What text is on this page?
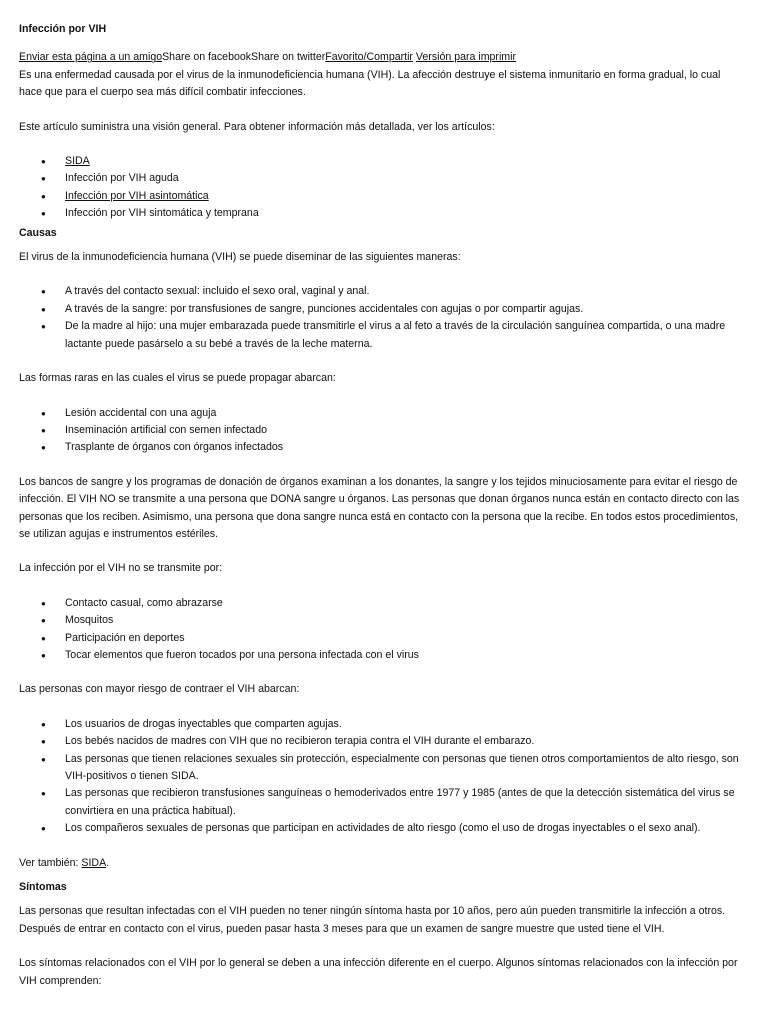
Infección por VIH
Enviar esta página a un amigoShare on facebookShare on twitterFavorito/Compartir Versión para imprimir

Es una enfermedad causada por el virus de la inmunodeficiencia humana (VIH). La afección destruye el sistema inmunitario en forma gradual, lo cual hace que para el cuerpo sea más difícil combatir infecciones.

Este artículo suministra una visión general. Para obtener información más detallada, ver los artículos:

● SIDA
● Infección por VIH aguda
● Infección por VIH asintomática
● Infección por VIH sintomática y temprana
Causas

El virus de la inmunodeficiencia humana (VIH) se puede diseminar de las siguientes maneras:

● A través del contacto sexual: incluido el sexo oral, vaginal y anal.
● A través de la sangre: por transfusiones de sangre, punciones accidentales con agujas o por compartir agujas.
● De la madre al hijo: una mujer embarazada puede transmitirle el virus a al feto a través de la circulación sanguínea compartida, o una madre lactante puede pasárselo a su bebé a través de la leche materna.

Las formas raras en las cuales el virus se puede propagar abarcan:

● Lesión accidental con una aguja
● Inseminación artificial con semen infectado
● Trasplante de órganos con órganos infectados

Los bancos de sangre y los programas de donación de órganos examinan a los donantes, la sangre y los tejidos minuciosamente para evitar el riesgo de infección. El VIH NO se transmite a una persona que DONA sangre u órganos. Las personas que donan órganos nunca están en contacto directo con las personas que los reciben. Asimismo, una persona que dona sangre nunca está en contacto con la persona que la recibe. En todos estos procedimientos, se utilizan agujas e instrumentos estériles.

La infección por el VIH no se transmite por:

● Contacto casual, como abrazarse
● Mosquitos
● Participación en deportes
● Tocar elementos que fueron tocados por una persona infectada con el virus

Las personas con mayor riesgo de contraer el VIH abarcan:

● Los usuarios de drogas inyectables que comparten agujas.
● Los bebés nacidos de madres con VIH que no recibieron terapia contra el VIH durante el embarazo.
● Las personas que tienen relaciones sexuales sin protección, especialmente con personas que tienen otros comportamientos de alto riesgo, son VIH-positivos o tienen SIDA.
● Las personas que recibieron transfusiones sanguíneas o hemoderivados entre 1977 y 1985 (antes de que la detección sistemática del virus se convirtiera en una práctica habitual).
● Los compañeros sexuales de personas que participan en actividades de alto riesgo (como el uso de drogas inyectables o el sexo anal).

Ver también: SIDA.

Síntomas

Las personas que resultan infectadas con el VIH pueden no tener ningún síntoma hasta por 10 años, pero aún pueden transmitirle la infección a otros. Después de entrar en contacto con el virus, pueden pasar hasta 3 meses para que un examen de sangre muestre que usted tiene el VIH.

Los síntomas relacionados con el VIH por lo general se deben a una infección diferente en el cuerpo. Algunos síntomas relacionados con la infección por VIH comprenden:
